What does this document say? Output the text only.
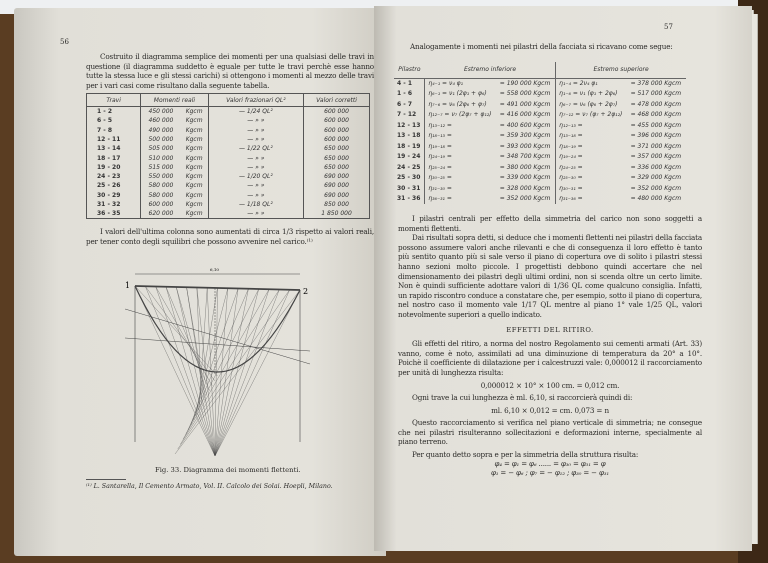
56
Costruito il diagramma semplice dei momenti per una qualsiasi delle travi in questione (il diagramma suddetto è eguale per tutte le travi perchè esse hanno tutte la stessa luce e gli stessi carichi) si ottengono i momenti al mezzo delle travi per i vari casi come risultano dalla seguente tabella.
Travi	Momenti reali		Valori frazionari QL²	Valori corretti
1 - 2	450 000	Kgcm	— 1/24 QL²	600 000
6 - 5	460 000	Kgcm	— » »	600 000
7 - 8	490 000	Kgcm	— » »	600 000
12 - 11	500 000	Kgcm	— » »	600 000
13 - 14	505 000	Kgcm	— 1/22 QL²	650 000
18 - 17	510 000	Kgcm	— » »	650 000
19 - 20	515 000	Kgcm	— » »	650 000
24 - 23	550 000	Kgcm	— 1/20 QL²	690 000
25 - 26	580 000	Kgcm	— » »	690 000
30 - 29	580 000	Kgcm	— » »	690 000
31 - 32	600 000	Kgcm	— 1/18 QL²	850 000
36 - 35	620 000	Kgcm	— » »	1 850 000
I valori dell'ultima colonna sono aumentati di circa 1/3 rispetto ai valori reali, per tener conto degli squilibri che possono avvenire nel carico.⁽¹⁾
1
2
6,10
Fig. 33. Diagramma dei momenti flettenti.
⁽¹⁾ L. Santarella, Il Cemento Armato, Vol. II. Calcolo dei Solai. Hoepli, Milano.
57
Analogamente i momenti nei pilastri della facciata si ricavano come segue:
Pilastro	Estremo inferiore		Estremo superiore	
4 - 1	η₄₋₁ = ν₄ φ₁	= 190 000 Kgcm	η₁₋₄ = 2ν₄ φ₁	= 378 000 Kgcm
1 - 6	η₆₋₁ = ν₁ (2φ₁ + φ₆)	= 558 000 Kgcm	η₁₋₆ = ν₁ (φ₁ + 2φ₆)	= 517 000 Kgcm
6 - 7	η₇₋₆ = ν₆ (2φ₆ + φ₇)	= 491 000 Kgcm	η₆₋₇ = ν₆ (φ₆ + 2φ₇)	= 478 000 Kgcm
7 - 12	η₁₂₋₇ = ν₇ (2φ₇ + φ₁₂)	= 416 000 Kgcm	η₇₋₁₂ = ν₇ (φ₇ + 2φ₁₂)	= 468 000 Kgcm
12 - 13	η₁₃₋₁₂ =	= 400 600 Kgcm	η₁₂₋₁₃ =	= 455 000 Kgcm
13 - 18	η₁₈₋₁₃ =	= 359 300 Kgcm	η₁₃₋₁₈ =	= 396 000 Kgcm
18 - 19	η₁₉₋₁₈ =	= 393 000 Kgcm	η₁₈₋₁₉ =	= 371 000 Kgcm
19 - 24	η₂₄₋₁₉ =	= 348 700 Kgcm	η₁₉₋₂₄ =	= 357 000 Kgcm
24 - 25	η₂₅₋₂₄ =	= 380 000 Kgcm	η₂₄₋₂₅ =	= 336 000 Kgcm
25 - 30	η₃₀₋₂₅ =	= 339 000 Kgcm	η₂₅₋₃₀ =	= 329 000 Kgcm
30 - 31	η₃₁₋₃₀ =	= 328 000 Kgcm	η₃₀₋₃₁ =	= 352 000 Kgcm
31 - 36	η₃₆₋₃₁ =	= 352 000 Kgcm	η₃₁₋₃₆ =	= 480 000 Kgcm
I pilastri centrali per effetto della simmetria del carico non sono soggetti a momenti flettenti.
Dai risultati sopra detti, si deduce che i momenti flettenti nei pilastri della facciata possono assumere valori anche rilevanti e che di conseguenza il loro effetto è tanto più sentito quanto più si sale verso il piano di copertura ove di solito i pilastri stessi hanno sezioni molto piccole. I progettisti debbono quindi accertare che nel dimensionamento dei pilastri degli ultimi ordini, non si scenda oltre un certo limite. Non è quindi sufficiente adottare valori di 1/36 QL come qualcuno consiglia. Infatti, un rapido riscontro conduce a constatare che, per esempio, sotto il piano di copertura, nel nostro caso il momento vale 1/17 QL mentre al piano 1° vale 1/25 QL, valori notevolmente superiori a quello indicato.
EFFETTI DEL RITIRO.
Gli effetti del ritiro, a norma del nostro Regolamento sui cementi armati (Art. 33) vanno, come è noto, assimilati ad una diminuzione di temperatura da 20° a 10°. Poichè il coefficiente di dilatazione per i calcestruzzi vale: 0,000012 il raccorciamento per unità di lunghezza risulta:
0,000012 × 10° × 100 cm. = 0,012 cm.
Ogni trave la cui lunghezza è ml. 6,10, si raccorcierà quindi di:
ml. 6,10 × 0,012 = cm. 0,073 = n
Questo raccorciamento si verifica nel piano verticale di simmetria; ne consegue che nei pilastri risulteranno sollecitazioni e deformazioni interne, specialmente al piano terreno.
Per quanto detto sopra e per la simmetria della struttura risulta:
φ₄ = φ₁ = φ₆ ...... = φ₃₀ = φ₃₁ = φ
φ₁ = − φ₆ ; φ₇ = − φ₁₂ ; φ₃₀ = − φ₃₁
